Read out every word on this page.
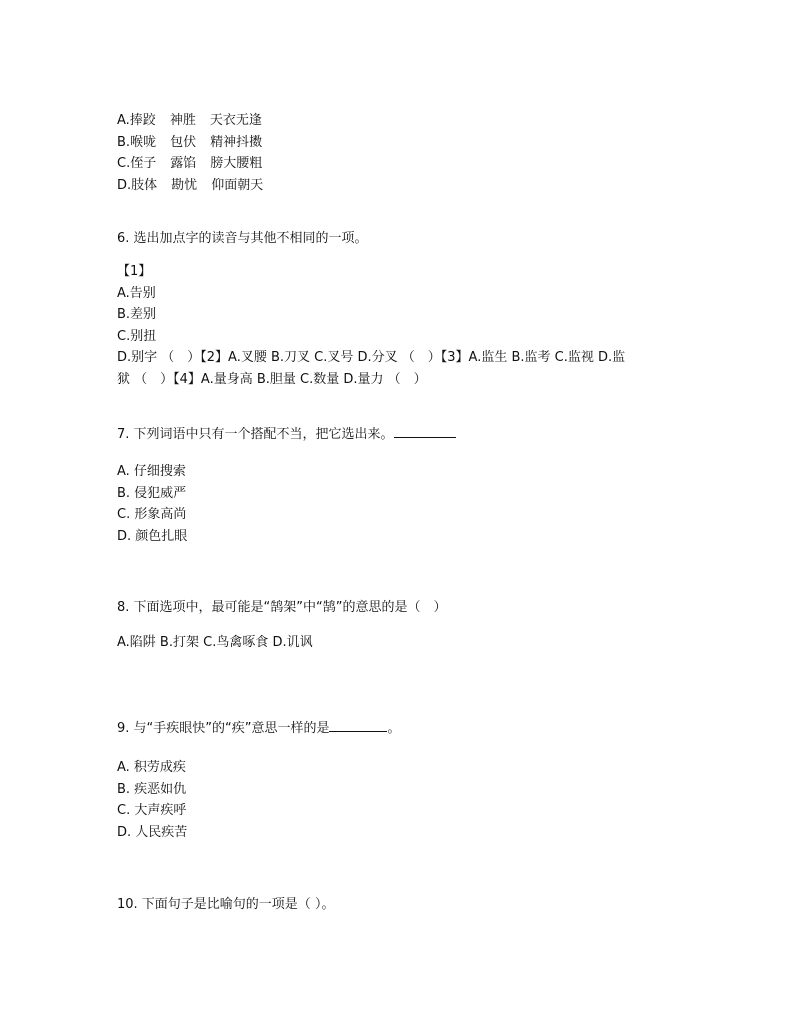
A.捧跤 神胜 天衣无逢
B.喉咙 包伏 精神抖擞
C.侄子 露馅 膀大腰粗
D.肢体 勘忧 仰面朝天
6. 选出加点字的读音与其他不相同的一项。
【1】
A.告别
B.差别
C.别扭
D.别字 （　）【2】A.叉腰 B.刀叉 C.叉号 D.分叉 （　）【3】A.监生 B.监考 C.监视 D.监
狱 （　）【4】A.量身高 B.胆量 C.数量 D.量力 （　）
7. 下列词语中只有一个搭配不当，把它选出来。
A. 仔细搜索
B. 侵犯威严
C. 形象高尚
D. 颜色扎眼
8. 下面选项中，最可能是“鹄架”中“鹄”的意思的是（　）
A.陷阱 B.打架 C.鸟禽啄食 D.讥讽
9. 与“手疾眼快”的“疾”意思一样的是	。
A. 积劳成疾
B. 疾恶如仇
C. 大声疾呼
D. 人民疾苦
10. 下面句子是比喻句的一项是（ ）。
